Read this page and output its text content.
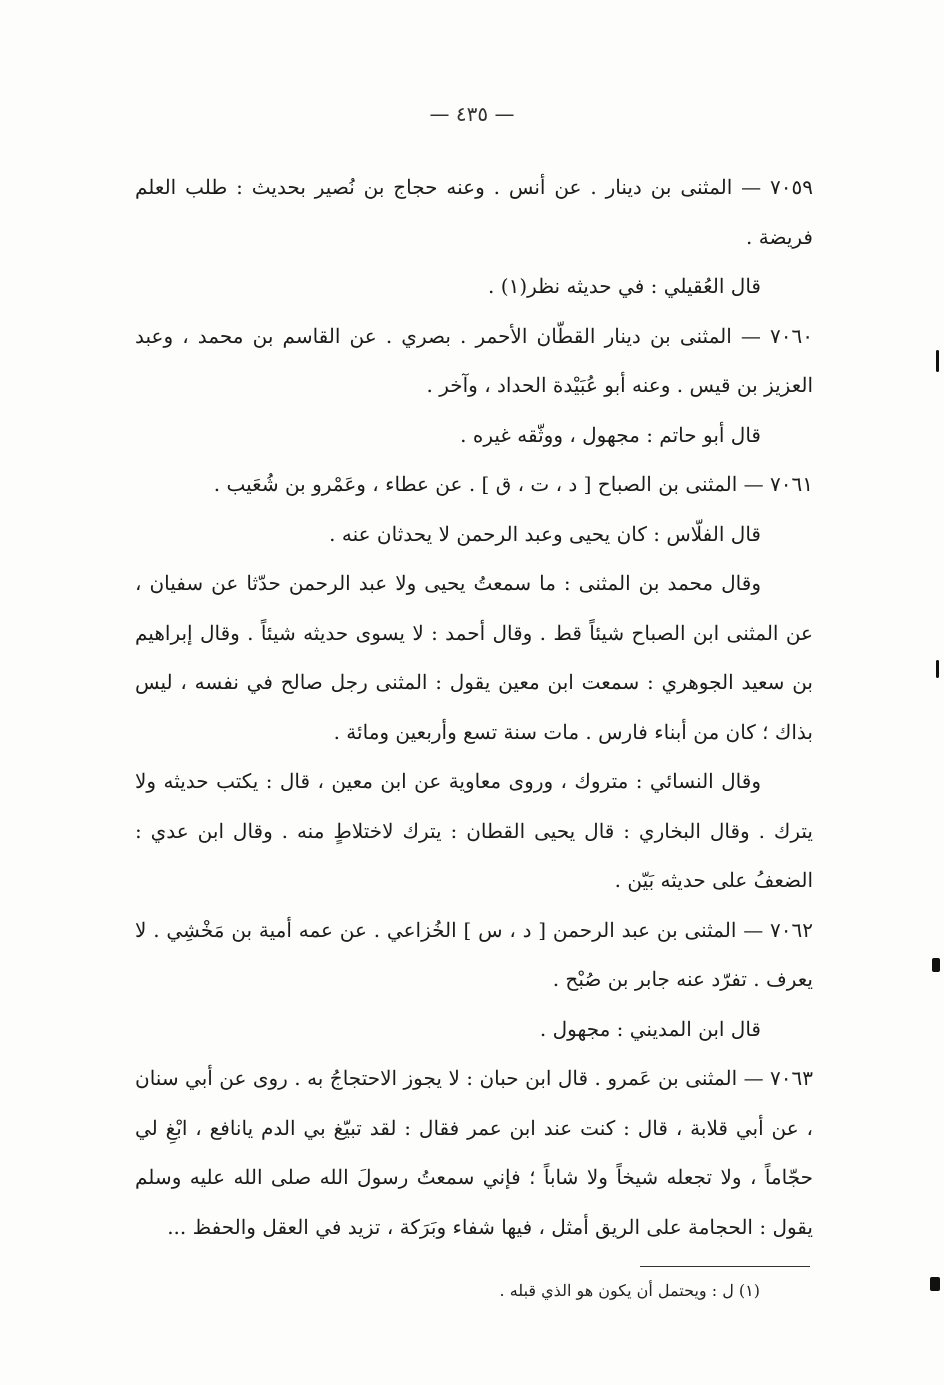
— ٤٣٥ —

٧٠٥٩ — المثنى بن دينار . عن أنس . وعنه حجاج بن نُصير بحديث : طلب العلم فريضة .

قال العُقيلي : في حديثه نظر(١) .

٧٠٦٠ — المثنى بن دينار القطّان الأحمر . بصري . عن القاسم بن محمد ، وعبد العزيز بن قيس . وعنه أبو عُبَيْدة الحداد ، وآخر .

قال أبو حاتم : مجهول ، ووثّقه غيره .

٧٠٦١ — المثنى بن الصباح [ د ، ت ، ق ] . عن عطاء ، وعَمْرو بن شُعَيب .

قال الفلّاس : كان يحيى وعبد الرحمن لا يحدثان عنه .

وقال محمد بن المثنى : ما سمعتُ يحيى ولا عبد الرحمن حدّثا عن سفيان ، عن المثنى ابن الصباح شيئاً قط . وقال أحمد : لا يسوى حديثه شيئاً . وقال إبراهيم بن سعيد الجوهري : سمعت ابن معين يقول : المثنى رجل صالح في نفسه ، ليس بذاك ؛ كان من أبناء فارس . مات سنة تسع وأربعين ومائة .

وقال النسائي : متروك ، وروى معاوية عن ابن معين ، قال : يكتب حديثه ولا يترك . وقال البخاري : قال يحيى القطان : يترك لاختلاطٍ منه . وقال ابن عدي : الضعفُ على حديثه بَيّن .

٧٠٦٢ — المثنى بن عبد الرحمن [ د ، س ] الخُزاعي . عن عمه أمية بن مَخْشِي . لا يعرف . تفرّد عنه جابر بن صُبْح .

قال ابن المديني : مجهول .

٧٠٦٣ — المثنى بن عَمرو . قال ابن حبان : لا يجوز الاحتجاجُ به . روى عن أبي سنان ، عن أبي قلابة ، قال : كنت عند ابن عمر فقال : لقد تبيّغ بي الدم يانافع ، ابْغِ لي حجّاماً ، ولا تجعله شيخاً ولا شاباً ؛ فإني سمعتُ رسولَ الله صلى الله عليه وسلم يقول : الحجامة على الريق أمثل ، فيها شفاء وبَرَكة ، تزيد في العقل والحفظ ...

(١) ل : ويحتمل أن يكون هو الذي قبله .
